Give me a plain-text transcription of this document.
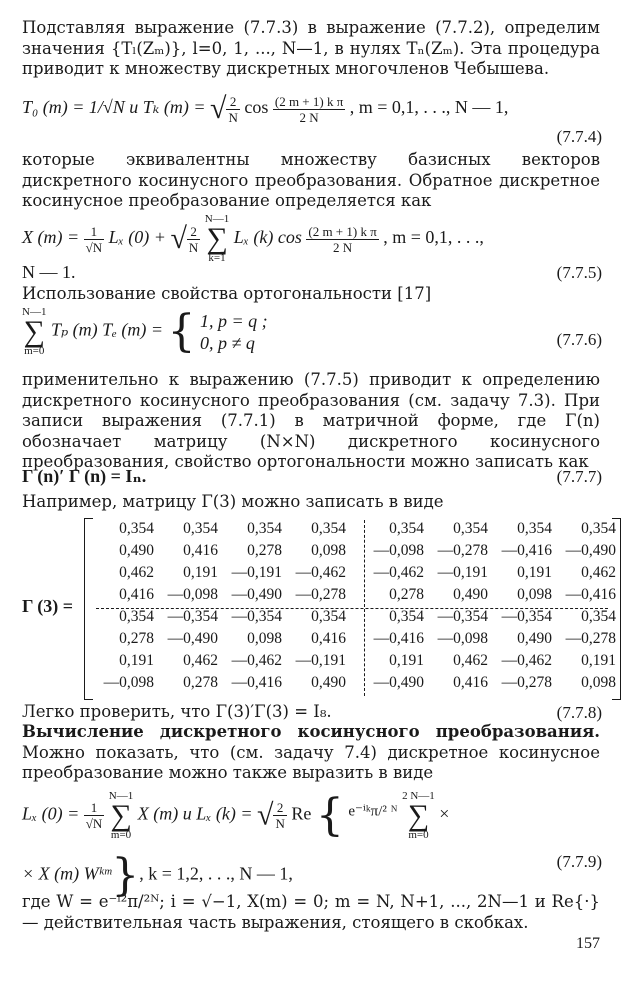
Подставляя выражение (7.7.3) в выражение (7.7.2), определим значения {Tₗ(Zₘ)}, l=0, 1, ..., N—1, в нулях Tₙ(Zₘ). Эта процедура приводит к множеству дискретных многочленов Чебышева.
T₀ (m) = 1/√N и Tₖ (m) = √ $\frac{2}{N}$ $\cos \frac{\text{(2 m + 1) k π}}{2 N}$ , m = 0,1, . . ., N — 1,
(7.7.4)
которые эквивалентны множеству базисных векторов дискретного косинусного преобразования. Обратное дискретное косинусное преобразование определяется как
X $(m) = \frac{1}{√N}$ Lₓ (0) + √ $\frac{2}{N}$
N—1
∑
k=1 Lₓ (k) $\cos \frac{\text{(2 m + 1) k π}}{2 N}$ , m = 0,1, . . .,
N — 1.	(7.7.5)
Использование свойства ортогональности [17]
N—1
∑
m=0 Tₚ (m) Tₑ (m) = { 1, p = q ;
0, p ≠ q	(7.7.6)
применительно к выражению (7.7.5) приводит к определению дискретного косинусного преобразования (см. задачу 7.3). При записи выражения (7.7.1) в матричной форме, где Γ(n) обозначает матрицу (N×N) дискретного косинусного преобразования, свойство ортогональности можно записать как
Γ (n)′ Γ (n) = Iₙ.	(7.7.7)
Например, матрицу Γ(3) можно записать в виде
Γ (3) =
0,354	0,354	0,354	0,354	0,354	0,354	0,354	0,354
0,490	0,416	0,278	0,098	—0,098 —0,278 —0,416 —0,490
0,462	0,191 —0,191 —0,462	—0,462 —0,191	0,191	0,462
0,416 —0,098 —0,490 —0,278	0,278	0,490	0,098 —0,416
0,354 —0,354 —0,354	0,354	0,354 —0,354 —0,354	0,354
0,278 —0,490	0,098	0,416	—0,416 —0,098	0,490 —0,278
0,191	0,462 —0,462 —0,191	0,191	0,462 —0,462	0,191
—0,098	0,278 —0,416	0,490	—0,490	0,416 —0,278	0,098
Легко проверить, что Γ(3)′Γ(3) = I₈.	(7.7.8)
Вычисление дискретного косинусного преобразования. Можно показать, что (см. задачу 7.4) дискретное косинусное преобразование можно также выразить в виде
Lₓ $(0) = \frac{1}{√N}$
N—1
∑
m=0 X (m) и Lₓ (k) = √ $\frac{2}{N}$ Re { $^{e^{-i}ᵏ\pi/^2 ᴺ}$ 2 N—1
∑
m=0 ×
× X (m) Wᵏᵐ}, k = 1,2, . . ., N — 1,
(7.7.9)
где W = e⁻ⁱ²π/²ᴺ; i = √−1, X(m) = 0; m = N, N+1, ..., 2N—1 и Re{·} — действительная часть выражения, стоящего в скобках.
157
